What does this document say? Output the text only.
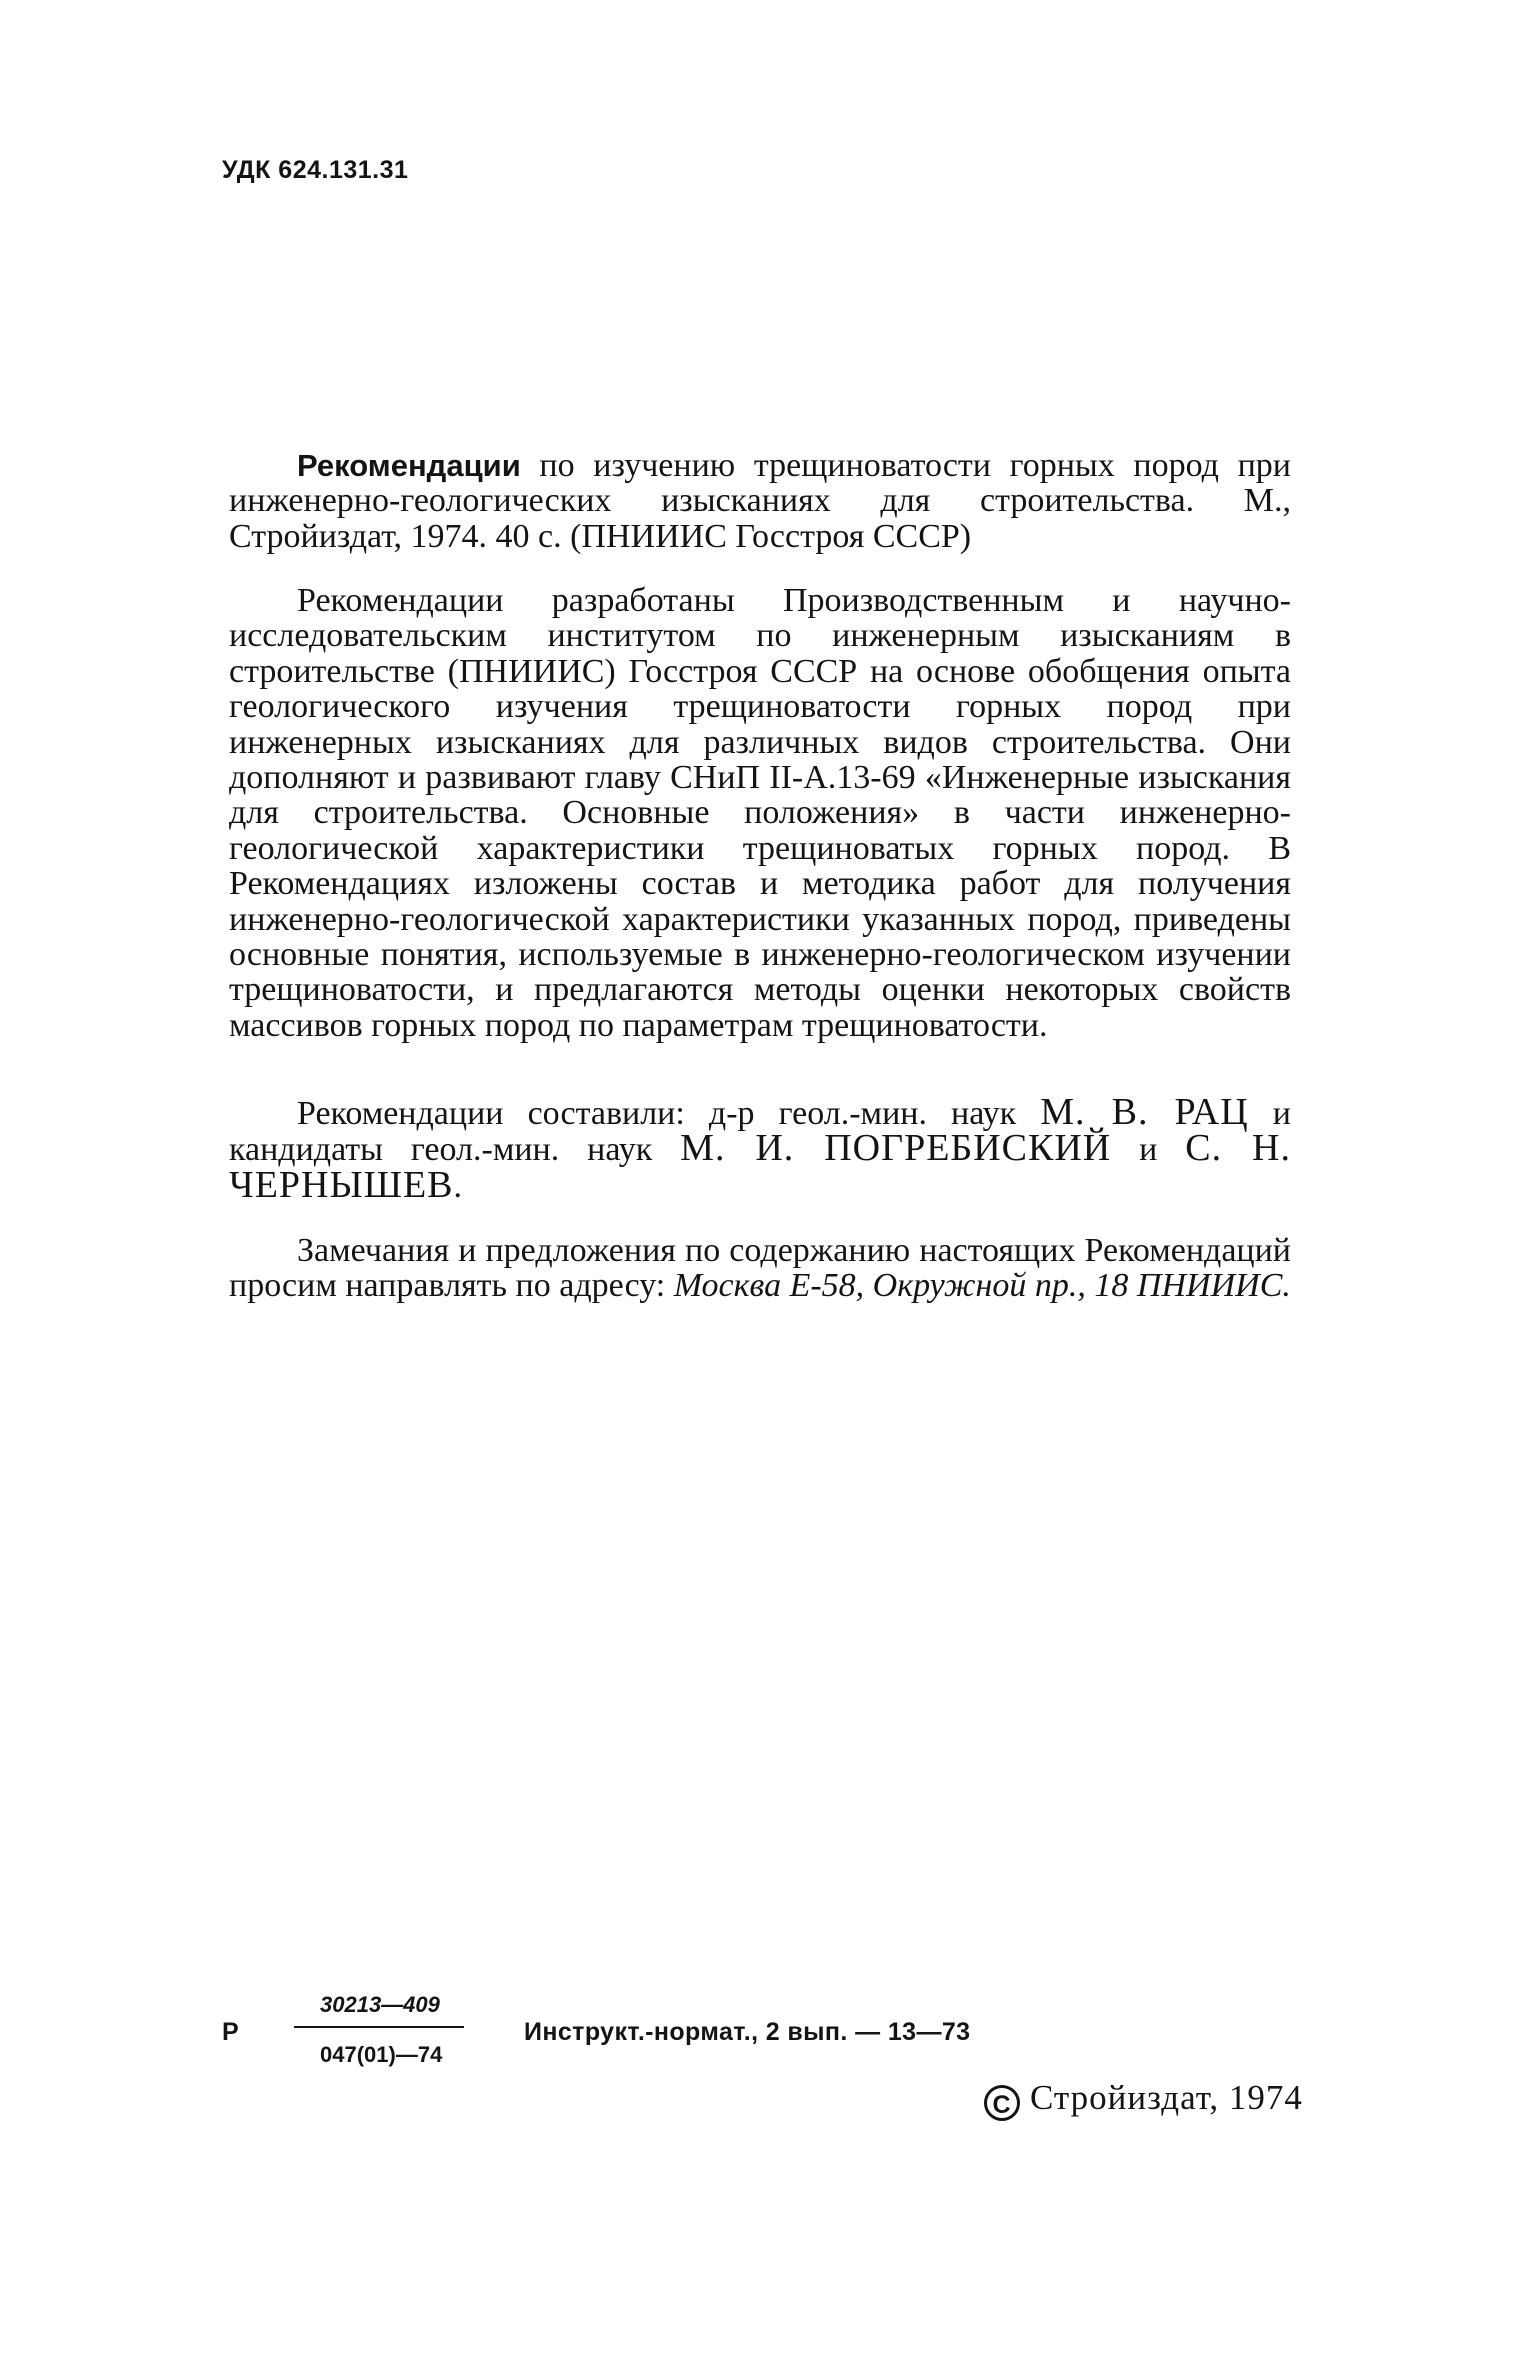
УДК 624.131.31

Рекомендации по изучению трещиноватости горных пород при инженерно-геологических изысканиях для строительства. М., Стройиздат, 1974. 40 с. (ПНИИИС Госстроя СССР)

Рекомендации разработаны Производственным и научно-исследовательским институтом по инженерным изысканиям в строительстве (ПНИИИС) Госстроя СССР на основе обобщения опыта геологического изучения трещиноватости горных пород при инженерных изысканиях для различных видов строительства. Они дополняют и развивают главу СНиП II-А.13-69 «Инженерные изыскания для строительства. Основные положения» в части инженерно-геологической характеристики трещиноватых горных пород. В Рекомендациях изложены состав и методика работ для получения инженерно-геологической характеристики указанных пород, приведены основные понятия, используемые в инженерно-геологическом изучении трещиноватости, и предлагаются методы оценки некоторых свойств массивов горных пород по параметрам трещиноватости.

Рекомендации составили: д-р геол.-мин. наук М. В. РАЦ и кандидаты геол.-мин. наук М. И. ПОГРЕБИСКИЙ и С. Н. ЧЕРНЫШЕВ.

Замечания и предложения по содержанию настоящих Рекомендаций просим направлять по адресу: Москва Е-58, Окружной пр., 18 ПНИИИС.

Р
30213—409
047(01)—74
Инструкт.-нормат., 2 вып. — 13—73
C Стройиздат, 1974
